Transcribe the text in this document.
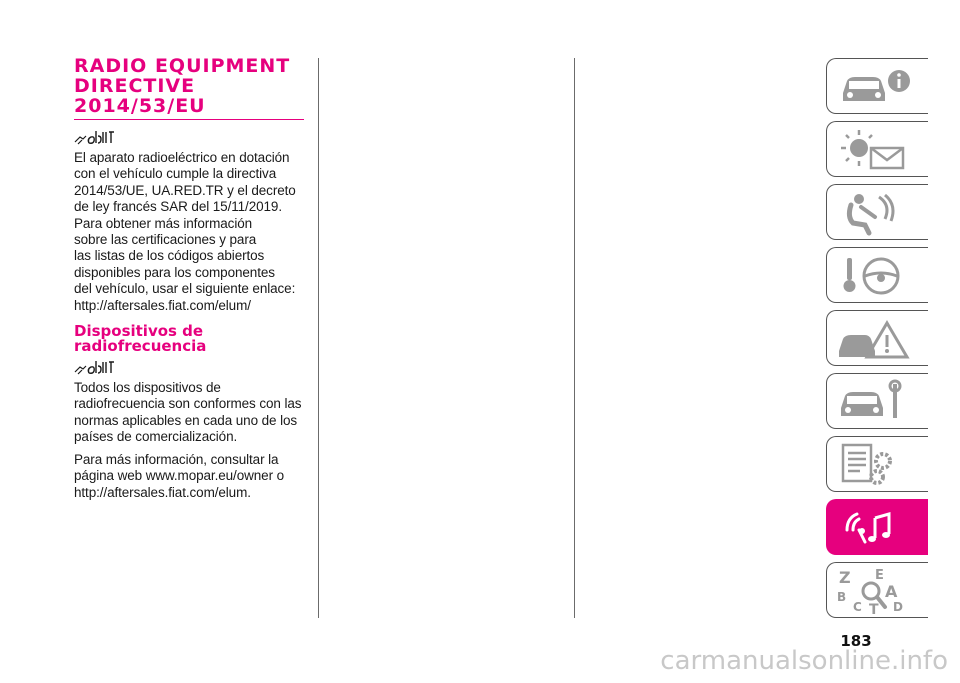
RADIO EQUIPMENT
DIRECTIVE
2014/53/EU

El aparato radioeléctrico en dotación
con el vehículo cumple la directiva
2014/53/UE, UA.RED.TR y el decreto
de ley francés SAR del 15/11/2019.
Para obtener más información
sobre las certificaciones y para
las listas de los códigos abiertos
disponibles para los componentes
del vehículo, usar el siguiente enlace:
http://aftersales.fiat.com/elum/

Dispositivos de
radiofrecuencia

Todos los dispositivos de
radiofrecuencia son conformes con las
normas aplicables en cada uno de los
países de comercialización.

Para más información, consultar la
página web www.mopar.eu/owner o
http://aftersales.fiat.com/elum.

Z E
B A
C	D
T
183
carmanualsonline.info
